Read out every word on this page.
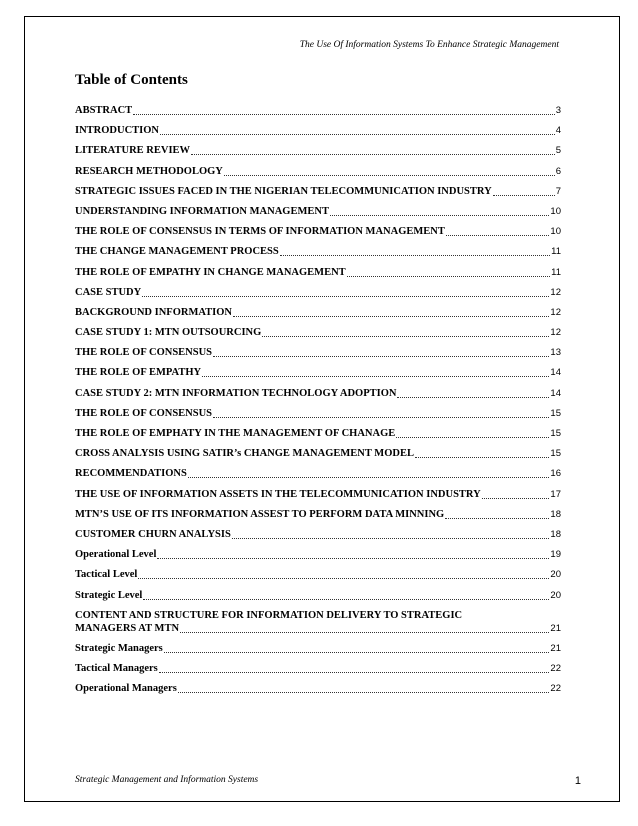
The Use Of Information Systems To Enhance Strategic Management
Table of Contents
ABSTRACT	3
INTRODUCTION	4
LITERATURE REVIEW	5
RESEARCH METHODOLOGY	6
STRATEGIC ISSUES FACED IN THE NIGERIAN TELECOMMUNICATION INDUSTRY	7
UNDERSTANDING INFORMATION MANAGEMENT	10
THE ROLE OF CONSENSUS IN TERMS OF INFORMATION MANAGEMENT	10
THE CHANGE MANAGEMENT PROCESS	11
THE ROLE OF EMPATHY IN CHANGE MANAGEMENT	11
CASE STUDY	12
BACKGROUND INFORMATION	12
CASE STUDY 1: MTN OUTSOURCING	12
THE ROLE OF CONSENSUS	13
THE ROLE OF EMPATHY	14
CASE STUDY 2: MTN INFORMATION TECHNOLOGY ADOPTION	14
THE ROLE OF CONSENSUS	15
THE ROLE OF EMPHATY IN THE MANAGEMENT OF CHANAGE	15
CROSS ANALYSIS USING SATIR’s CHANGE MANAGEMENT MODEL	15
RECOMMENDATIONS	16
THE USE OF INFORMATION ASSETS IN THE TELECOMMUNICATION INDUSTRY	17
MTN’S USE OF ITS INFORMATION ASSEST TO PERFORM DATA MINNING	18
CUSTOMER CHURN ANALYSIS	18
Operational Level	19
Tactical Level	20
Strategic Level	20
CONTENT AND STRUCTURE FOR INFORMATION DELIVERY TO STRATEGIC
MANAGERS AT MTN	21
Strategic Managers	21
Tactical Managers	22
Operational Managers	22
Strategic Management and Information Systems	1
